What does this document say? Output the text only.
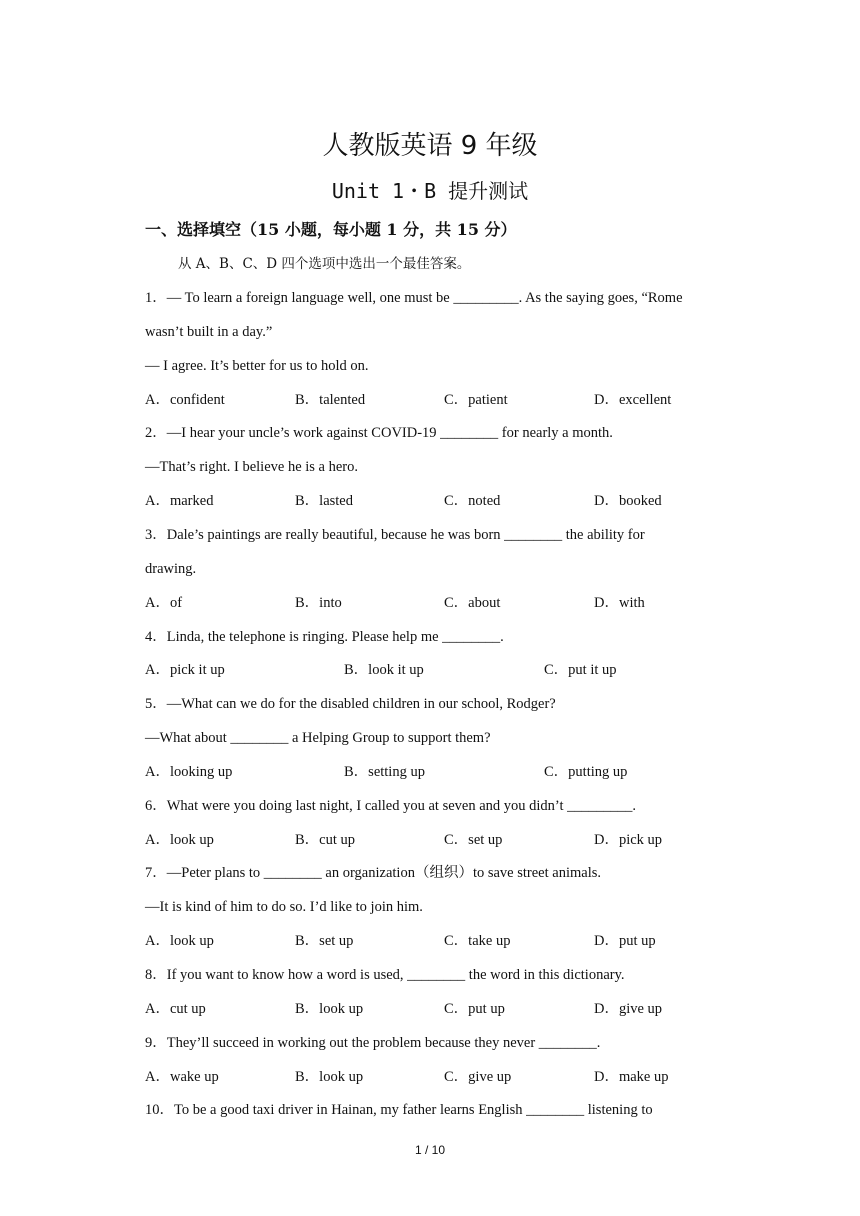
人教版英语 9 年级
Unit 1・B 提升测试
一、选择填空（15 小题，每小题 1 分，共 15 分）
从 A、B、C、D 四个选项中选出一个最佳答案。
1．— To learn a foreign language well, one must be _________. As the saying goes, “Rome
wasn’t built in a day.”
— I agree. It’s better for us to hold on.
A．confident	B．talented	C．patient	D．excellent
2．—I hear your uncle’s work against COVID-19 ________ for nearly a month.
—That’s right. I believe he is a hero.
A．marked	B．lasted	C．noted	D．booked
3．Dale’s paintings are really beautiful, because he was born ________ the ability for
drawing.
A．of	B．into	C．about	D．with
4．Linda, the telephone is ringing. Please help me ________.
A．pick it up	B．look it up	C．put it up
5．—What can we do for the disabled children in our school, Rodger?
—What about ________ a Helping Group to support them?
A．looking up	B．setting up	C．putting up
6．What were you doing last night, I called you at seven and you didn’t _________.
A．look up	B．cut up	C．set up	D．pick up
7．—Peter plans to ________ an organization（组织）to save street animals.
—It is kind of him to do so. I’d like to join him.
A．look up	B．set up	C．take up	D．put up
8．If you want to know how a word is used, ________ the word in this dictionary.
A．cut up	B．look up	C．put up	D．give up
9．They’ll succeed in working out the problem because they never ________.
A．wake up	B．look up	C．give up	D．make up
10．To be a good taxi driver in Hainan, my father learns English ________ listening to
1 / 10
